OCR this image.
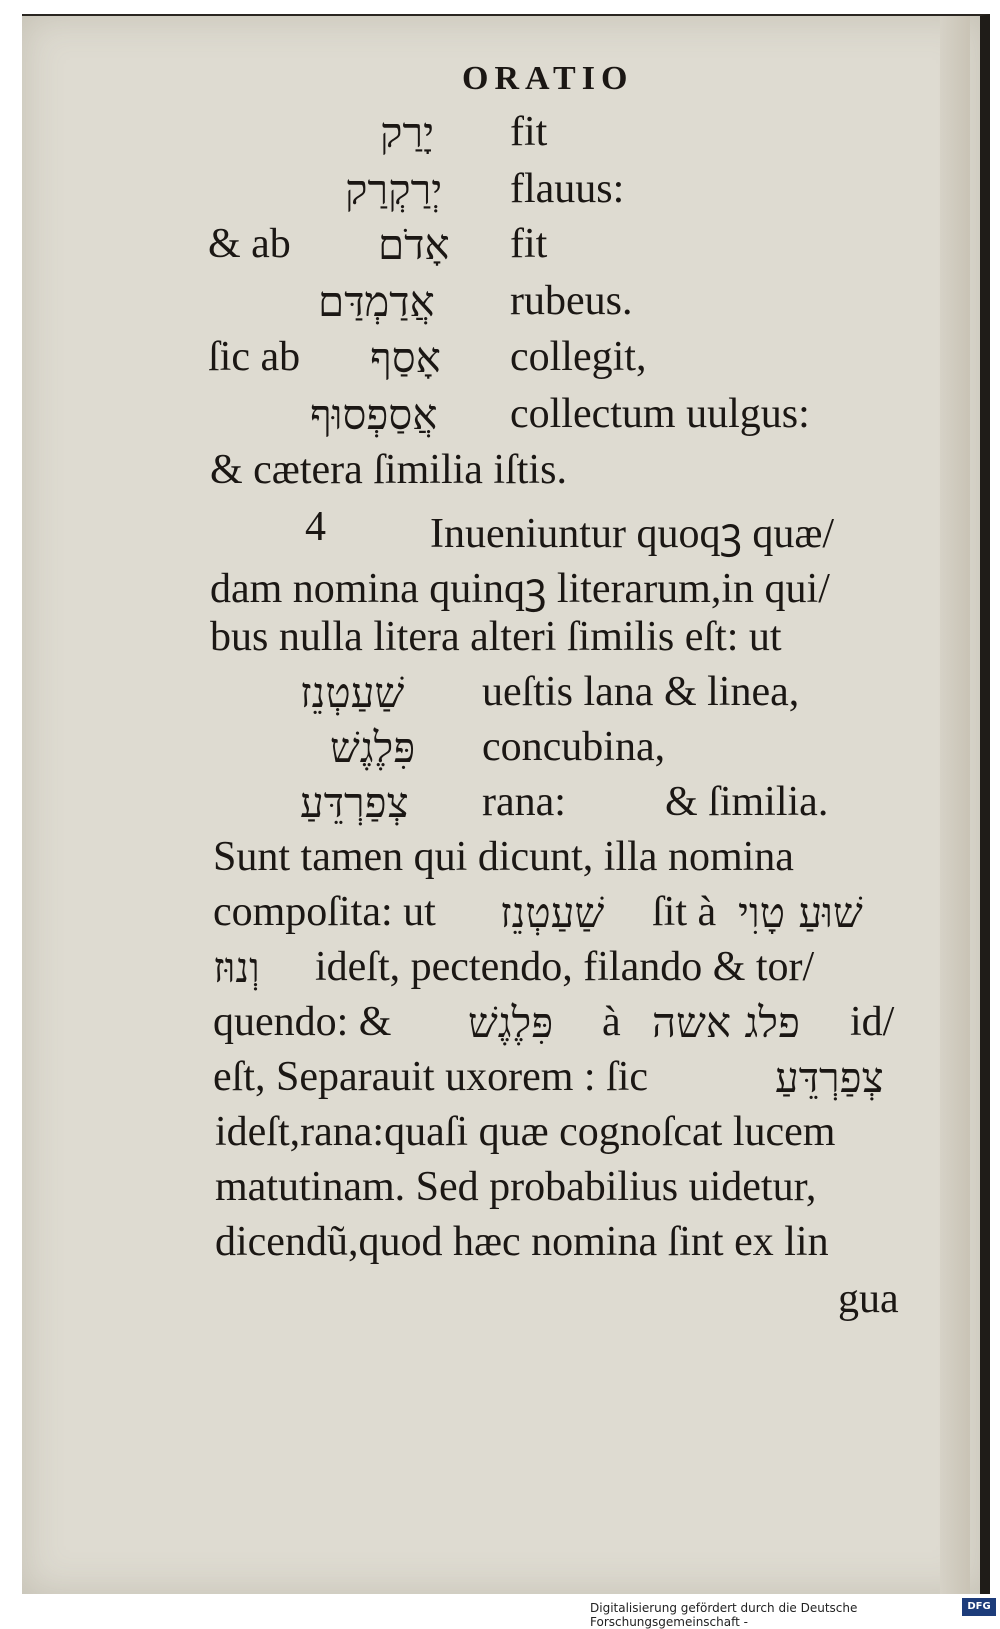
ORATIO
יָרַק fit
יְרַקְרַק flauus:
& ab אָדֹם fit
אֲדַמְדַּם rubeus.
ſic ab אָסַף collegit,
אֲסַפְסוּף collectum uulgus:
& cætera ſimilia iſtis.
4 Inueniuntur quoqꝫ quæ/
dam nomina quinqꝫ literarum,in qui/
bus nulla litera alteri ſimilis eſt: ut
שַׁעַטְנֵז ueſtis lana & linea,
פִּלֶגֶשׁ concubina,
צְפַרְדֵּעַ rana: & ſimilia.
Sunt tamen qui dicunt, illa nomina
compoſita: ut שַׁעַטְנֵז ſit à שׁוּעַ טָוִי
וְנוּז ideſt, pectendo, filando & tor/
quendo: & פִּלֶגֶשׁ à פלג אשה id/
eſt, Separauit uxorem : ſic	צְפַרְדֵּעַ
ideſt,rana:quaſi quæ cognoſcat lucem
matutinam. Sed probabilius uidetur,
dicendũ,quod hæc nomina ſint ex lin
gua
Digitalisierung gefördert durch die Deutsche Forschungsgemeinschaft -
DFG
